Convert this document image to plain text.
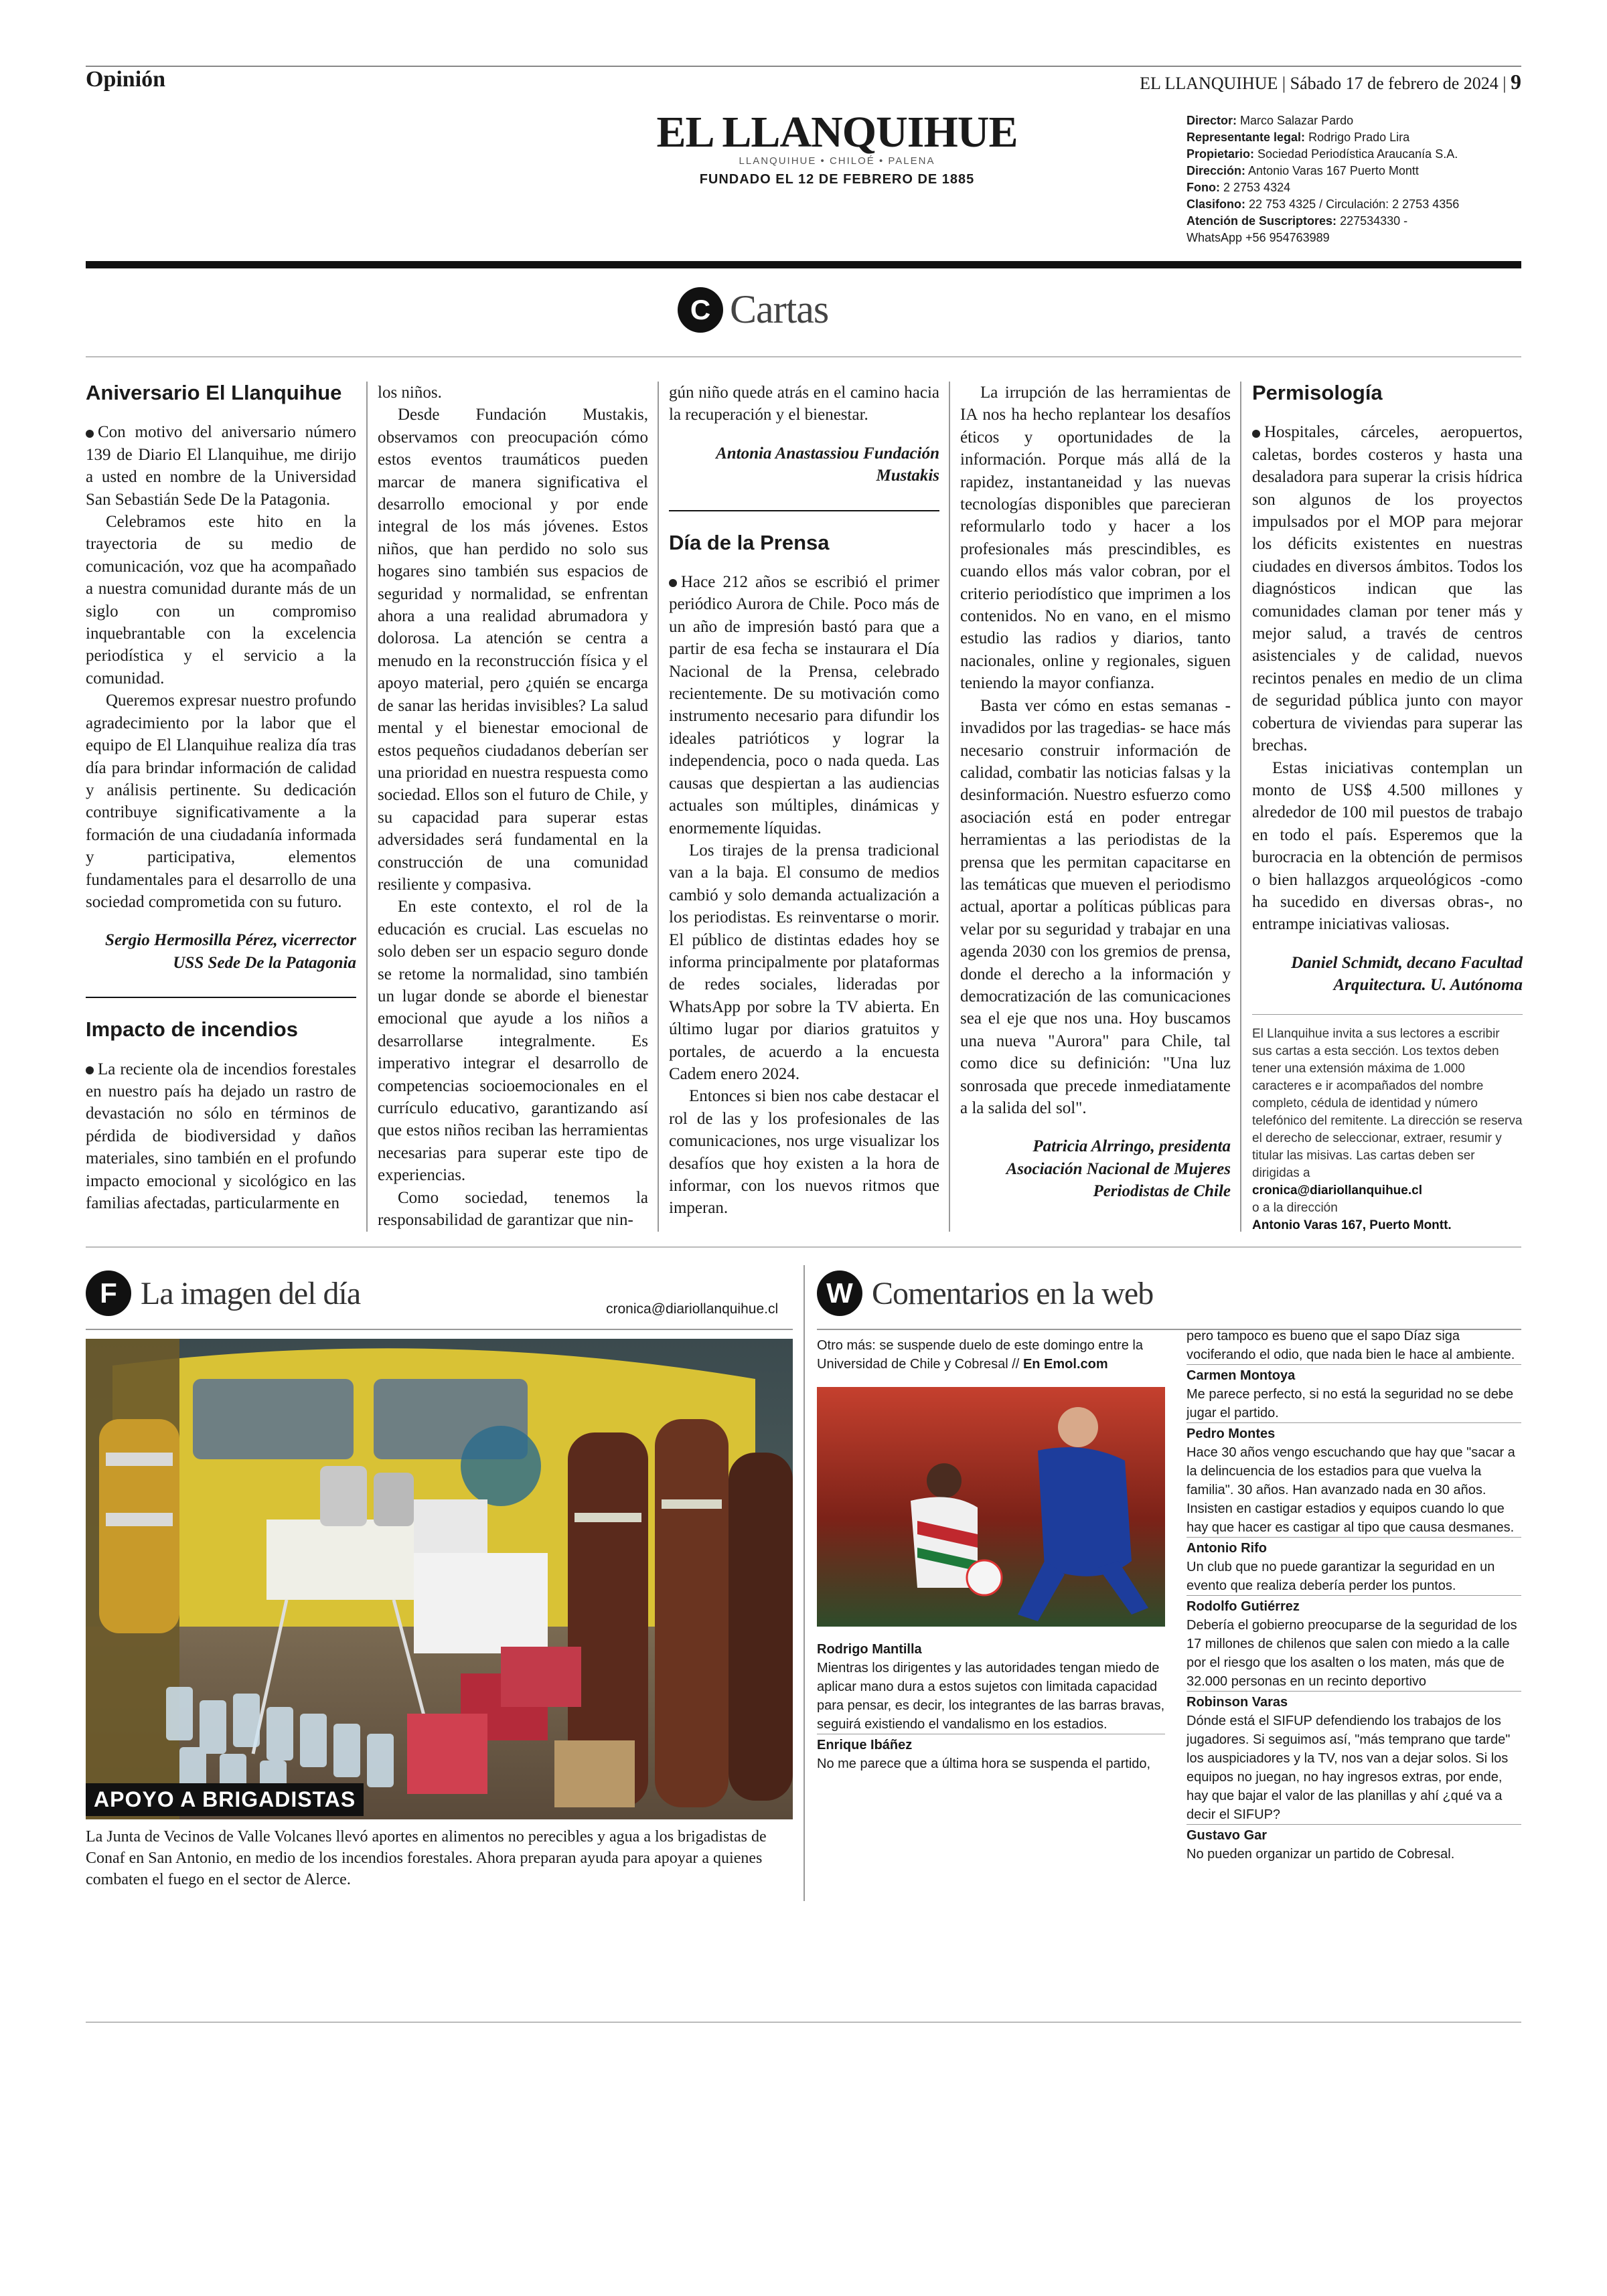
Opinión	EL LLANQUIHUE | Sábado 17 de febrero de 2024 | 9
EL LLANQUIHUE
LLANQUIHUE • CHILOÉ • PALENA
FUNDADO EL 12 DE FEBRERO DE 1885
Director: Marco Salazar Pardo
Representante legal: Rodrigo Prado Lira
Propietario: Sociedad Periodística Araucanía S.A.
Dirección: Antonio Varas 167 Puerto Montt
Fono: 2 2753 4324
Clasifono: 22 753 4325 / Circulación: 2 2753 4356
Atención de Suscriptores: 227534330 -
WhatsApp +56 954763989
C Cartas

Aniversario El Llanquihue

Con motivo del aniversario número 139 de Diario El Llanquihue, me dirijo a usted en nombre de la Universidad San Sebastián Sede De la Patagonia.

Celebramos este hito en la trayectoria de su medio de comunicación, voz que ha acompañado a nuestra comunidad durante más de un siglo con un compromiso inquebrantable con la excelencia periodística y el servicio a la comunidad.

Queremos expresar nuestro profundo agradecimiento por la labor que el equipo de El Llanquihue realiza día tras día para brindar información de calidad y análisis pertinente. Su dedicación contribuye significativamente a la formación de una ciudadanía informada y participativa, elementos fundamentales para el desarrollo de una sociedad comprometida con su futuro.

Sergio Hermosilla Pérez, vicerrector USS Sede De la Patagonia

Impacto de incendios

La reciente ola de incendios forestales en nuestro país ha dejado un rastro de devastación no sólo en términos de pérdida de biodiversidad y daños materiales, sino también en el profundo impacto emocional y sicológico en las familias afectadas, particularmente en

los niños.

Desde Fundación Mustakis, observamos con preocupación cómo estos eventos traumáticos pueden marcar de manera significativa el desarrollo emocional y por ende integral de los más jóvenes. Estos niños, que han perdido no solo sus hogares sino también sus espacios de seguridad y normalidad, se enfrentan ahora a una realidad abrumadora y dolorosa. La atención se centra a menudo en la reconstrucción física y el apoyo material, pero ¿quién se encarga de sanar las heridas invisibles? La salud mental y el bienestar emocional de estos pequeños ciudadanos deberían ser una prioridad en nuestra respuesta como sociedad. Ellos son el futuro de Chile, y su capacidad para superar estas adversidades será fundamental en la construcción de una comunidad resiliente y compasiva.

En este contexto, el rol de la educación es crucial. Las escuelas no solo deben ser un espacio seguro donde se retome la normalidad, sino también un lugar donde se aborde el bienestar emocional que ayude a los niños a desarrollarse integralmente. Es imperativo integrar el desarrollo de competencias socioemocionales en el currículo educativo, garantizando así que estos niños reciban las herramientas necesarias para superar este tipo de experiencias.

Como sociedad, tenemos la responsabilidad de garantizar que nin-

gún niño quede atrás en el camino hacia la recuperación y el bienestar.

Antonia Anastassiou Fundación Mustakis

Día de la Prensa

Hace 212 años se escribió el primer periódico Aurora de Chile. Poco más de un año de impresión bastó para que a partir de esa fecha se instaurara el Día Nacional de la Prensa, celebrado recientemente. De su motivación como instrumento necesario para difundir los ideales patrióticos y lograr la independencia, poco o nada queda. Las causas que despiertan a las audiencias actuales son múltiples, dinámicas y enormemente líquidas.

Los tirajes de la prensa tradicional van a la baja. El consumo de medios cambió y solo demanda actualización a los periodistas. Es reinventarse o morir. El público de distintas edades hoy se informa principalmente por plataformas de redes sociales, lideradas por WhatsApp por sobre la TV abierta. En último lugar por diarios gratuitos y portales, de acuerdo a la encuesta Cadem enero 2024.

Entonces si bien nos cabe destacar el rol de las y los profesionales de las comunicaciones, nos urge visualizar los desafíos que hoy existen a la hora de informar, con los nuevos ritmos que imperan.

La irrupción de las herramientas de IA nos ha hecho replantear los desafíos éticos y oportunidades de la información. Porque más allá de la rapidez, instantaneidad y las nuevas tecnologías disponibles que parecieran reformularlo todo y hacer a los profesionales más prescindibles, es cuando ellos más valor cobran, por el criterio periodístico que imprimen a los contenidos. No en vano, en el mismo estudio las radios y diarios, tanto nacionales, online y regionales, siguen teniendo la mayor confianza.

Basta ver cómo en estas semanas -invadidos por las tragedias- se hace más necesario construir información de calidad, combatir las noticias falsas y la desinformación. Nuestro esfuerzo como asociación está en poder entregar herramientas a las periodistas de la prensa que les permitan capacitarse en las temáticas que mueven el periodismo actual, aportar a políticas públicas para velar por su seguridad y trabajar en una agenda 2030 con los gremios de prensa, donde el derecho a la información y democratización de las comunicaciones sea el eje que nos una. Hoy buscamos una nueva "Aurora" para Chile, tal como dice su definición: "Una luz sonrosada que precede inmediatamente a la salida del sol".

Patricia Alrringo, presidenta Asociación Nacional de Mujeres Periodistas de Chile

Permisología

Hospitales, cárceles, aeropuertos, caletas, bordes costeros y hasta una desaladora para superar la crisis hídrica son algunos de los proyectos impulsados por el MOP para mejorar los déficits existentes en nuestras ciudades en diversos ámbitos. Todos los diagnósticos indican que las comunidades claman por tener más y mejor salud, a través de centros asistenciales y de calidad, nuevos recintos penales en medio de un clima de seguridad pública junto con mayor cobertura de viviendas para superar las brechas.

Estas iniciativas contemplan un monto de US$ 4.500 millones y alrededor de 100 mil puestos de trabajo en todo el país. Esperemos que la burocracia en la obtención de permisos o bien hallazgos arqueológicos -como ha sucedido en diversas obras-, no entrampe iniciativas valiosas.

Daniel Schmidt, decano Facultad Arquitectura. U. Autónoma

El Llanquihue invita a sus lectores a escribir sus cartas a esta sección. Los textos deben tener una extensión máxima de 1.000 caracteres e ir acompañados del nombre completo, cédula de identidad y número telefónico del remitente. La dirección se reserva el derecho de seleccionar, extraer, resumir y titular las misivas. Las cartas deben ser dirigidas a
cronica@diariollanquihue.cl
o a la dirección
Antonio Varas 167, Puerto Montt.

F La imagen del día	cronica@diariollanquihue.cl
APOYO A BRIGADISTAS
La Junta de Vecinos de Valle Volcanes llevó aportes en alimentos no perecibles y agua a los brigadistas de Conaf en San Antonio, en medio de los incendios forestales. Ahora preparan ayuda para apoyar a quienes combaten el fuego en el sector de Alerce.
W Comentarios en la web

Otro más: se suspende duelo de este domingo entre la Universidad de Chile y Cobresal // En Emol.com

Rodrigo Mantilla

Mientras los dirigentes y las autoridades tengan miedo de aplicar mano dura a estos sujetos con limitada capacidad para pensar, es decir, los integrantes de las barras bravas, seguirá existiendo el vandalismo en los estadios.

Enrique Ibáñez

No me parece que a última hora se suspenda el partido,

pero tampoco es bueno que el sapo Díaz siga vociferando el odio, que nada bien le hace al ambiente.

Carmen Montoya

Me parece perfecto, si no está la seguridad no se debe jugar el partido.

Pedro Montes

Hace 30 años vengo escuchando que hay que "sacar a la delincuencia de los estadios para que vuelva la familia". 30 años. Han avanzado nada en 30 años. Insisten en castigar estadios y equipos cuando lo que hay que hacer es castigar al tipo que causa desmanes.

Antonio Rifo

Un club que no puede garantizar la seguridad en un evento que realiza debería perder los puntos.

Rodolfo Gutiérrez

Debería el gobierno preocuparse de la seguridad de los 17 millones de chilenos que salen con miedo a la calle por el riesgo que los asalten o los maten, más que de 32.000 personas en un recinto deportivo

Robinson Varas

Dónde está el SIFUP defendiendo los trabajos de los jugadores. Si seguimos así, "más temprano que tarde" los auspiciadores y la TV, nos van a dejar solos. Si los equipos no juegan, no hay ingresos extras, por ende, hay que bajar el valor de las planillas y ahí ¿qué va a decir el SIFUP?

Gustavo Gar

No pueden organizar un partido de Cobresal.
